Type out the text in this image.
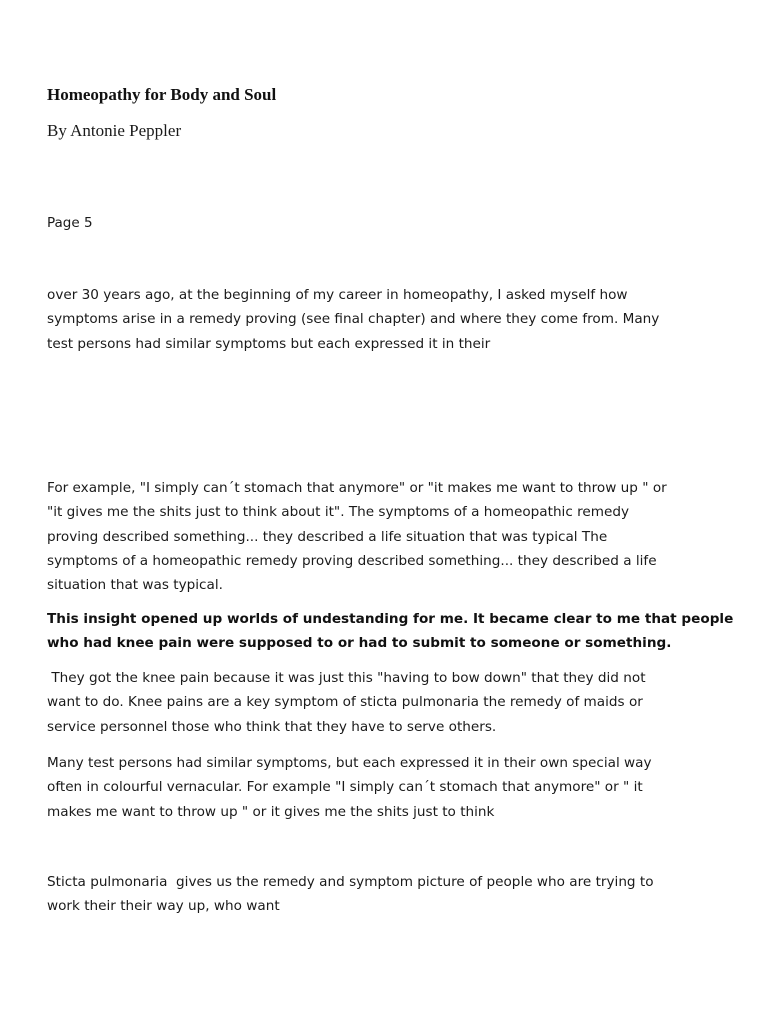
Homeopathy for Body and Soul

By Antonie Peppler

Page 5

over 30 years ago, at the beginning of my career in homeopathy, I asked myself how
symptoms arise in a remedy proving (see final chapter) and where they come from. Many
test persons had similar symptoms but each expressed it in their

For example, "I simply can´t stomach that anymore" or "it makes me want to throw up " or
"it gives me the shits just to think about it". The symptoms of a homeopathic remedy
proving described something... they described a life situation that was typical The
symptoms of a homeopathic remedy proving described something... they described a life
situation that was typical.

This insight opened up worlds of undestanding for me. It became clear to me that people
who had knee pain were supposed to or had to submit to someone or something.

They got the knee pain because it was just this "having to bow down" that they did not
want to do. Knee pains are a key symptom of sticta pulmonaria the remedy of maids or
service personnel those who think that they have to serve others.

Many test persons had similar symptoms, but each expressed it in their own special way
often in colourful vernacular. For example "I simply can´t stomach that anymore" or " it
makes me want to throw up " or it gives me the shits just to think

Sticta pulmonaria  gives us the remedy and symptom picture of people who are trying to
work their their way up, who want
